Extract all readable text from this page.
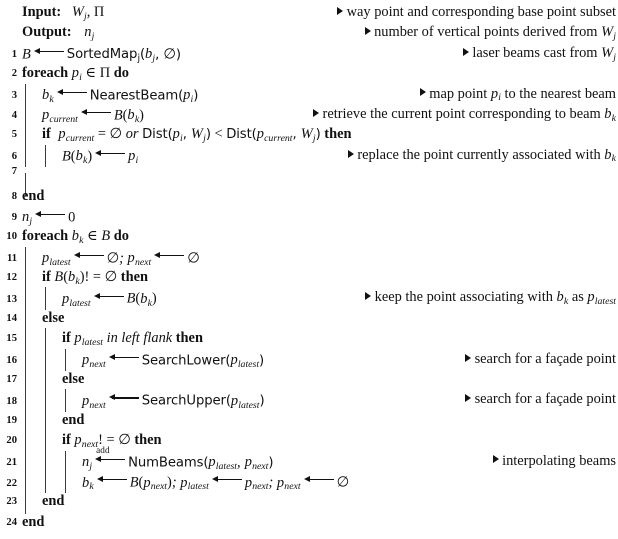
Input: $W_j$, Π	way point and corresponding base point subset
Output: $n_j$	number of vertical points derived from $W_j$
1 B	$SortedMap_j(b_j$, ∅)	laser beams cast from $W_j$
2 foreach $p_i$ ∈ Π do
3	$b_k$	$NearestBeam(p_i)$	map point $p_i$ to the nearest beam
4	$p_{current}$	$B(b_k)$	retrieve the current point corresponding to beam $b_k$
5	if $p_{current}$ = ∅ or $Dist(p_i$, $W_j$) < $Dist(p_{current}$, $W_j$) then
6	$B(b_k)$	$p_i$	replace the point currently associated with $b_k$
7
8 end
9 $n_j$	0
10 foreach $b_k$ ∈ B do
11	$p_{latest}$	∅; $p_{next}$	∅
12	if $B(b_k)$! = ∅ then
13	$p_{latest}$	$B(b_k)$	keep the point associating with $b_k$ as $p_{latest}$
14	else
15	if $p_{latest}$ in left flank then
16	$p_{next}$	$SearchLower(p_{latest})$	search for a façade point
17	else
18	$p_{next}$	$SearchUpper(p_{latest})$	search for a façade point
19	end
20	if $p_{next}$! = ∅ then
21	$n_j$
add
$NumBeams(p_{latest}$, $p_{next}$)	interpolating beams
22	$b_k$	$B(p_{next})$; $p_{latest}$	$p_{next}$; $p_{next}$	∅
23	end
24 end
